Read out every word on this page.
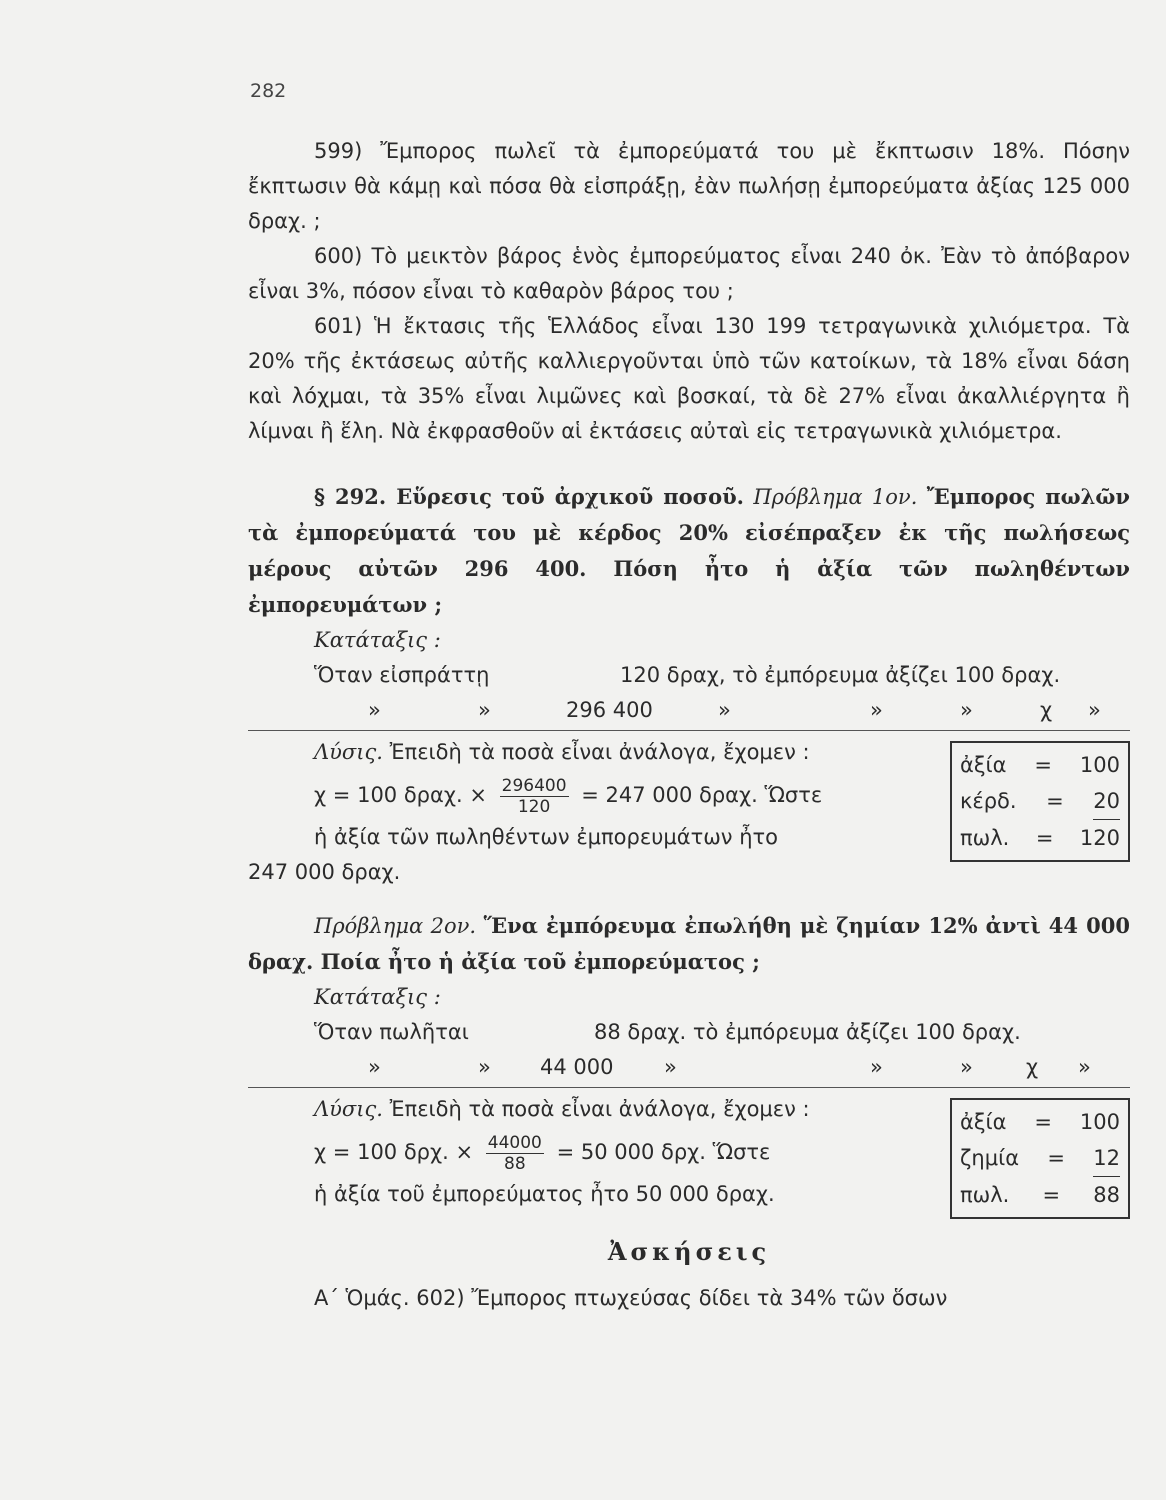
282

599) Ἔμπορος πωλεῖ τὰ ἐμπορεύματά του μὲ ἔκπτωσιν 18%. Πόσην ἔκπτωσιν θὰ κάμῃ καὶ πόσα θὰ εἰσπράξῃ, ἐὰν πωλήσῃ ἐμπορεύματα ἀξίας 125 000 δραχ. ;

600) Τὸ μεικτὸν βάρος ἑνὸς ἐμπορεύματος εἶναι 240 ὀκ. Ἐὰν τὸ ἀπόβαρον εἶναι 3%, πόσον εἶναι τὸ καθαρὸν βάρος του ;

601) Ἡ ἔκτασις τῆς Ἑλλάδος εἶναι 130 199 τετραγωνικὰ χιλιόμετρα. Τὰ 20% τῆς ἐκτάσεως αὐτῆς καλλιεργοῦνται ὑπὸ τῶν κατοίκων, τὰ 18% εἶναι δάση καὶ λόχμαι, τὰ 35% εἶναι λιμῶνες καὶ βοσκαί, τὰ δὲ 27% εἶναι ἀκαλλιέργητα ἢ λίμναι ἢ ἕλη. Νὰ ἐκφρασθοῦν αἱ ἐκτάσεις αὐταὶ εἰς τετραγωνικὰ χιλιόμετρα.

§ 292. Εὕρεσις τοῦ ἀρχικοῦ ποσοῦ. Πρόβλημα 1ον. Ἔμπορος πωλῶν τὰ ἐμπορεύματά του μὲ κέρδος 20% εἰσέπραξεν ἐκ τῆς πωλήσεως μέρους αὐτῶν 296 400. Πόση ἦτο ἡ ἀξία τῶν πωληθέντων ἐμπορευμάτων ;

Κατάταξις :
Ὅταν εἰσπράττῃ	120 δραχ, τὸ ἐμπόρευμα ἀξίζει 100 δραχ.
»	»	296 400	»	»	»	χ »
ἀξία = 100
κέρδ. = 20
πωλ. = 120
Λύσις. Ἐπειδὴ τὰ ποσὰ εἶναι ἀνάλογα, ἔχομεν :
χ = 100 δραχ. × $\frac{296400}{120} = 247$ 000 δραχ. Ὥστε
ἡ ἀξία τῶν πωληθέντων ἐμπορευμάτων ἦτο
247 000 δραχ.

Πρόβλημα 2ον. Ἕνα ἐμπόρευμα ἐπωλήθη μὲ ζημίαν 12% ἀντὶ 44 000 δραχ. Ποία ἦτο ἡ ἀξία τοῦ ἐμπορεύματος ;

Κατάταξις :
Ὅταν πωλῆται	88 δραχ. τὸ ἐμπόρευμα ἀξίζει 100 δραχ.
»	» 44 000 »	»	»	χ »
ἀξία = 100
ζημία = 12
πωλ. = 88
Λύσις. Ἐπειδὴ τὰ ποσὰ εἶναι ἀνάλογα, ἔχομεν :
χ = 100 δρχ. × $\frac{44000}{88} = 50$ 000 δρχ. Ὥστε
ἡ ἀξία τοῦ ἐμπορεύματος ἦτο 50 000 δραχ.
Ἀσκήσεις

Α΄ Ὁμάς. 602) Ἔμπορος πτωχεύσας δίδει τὰ 34% τῶν ὅσων
